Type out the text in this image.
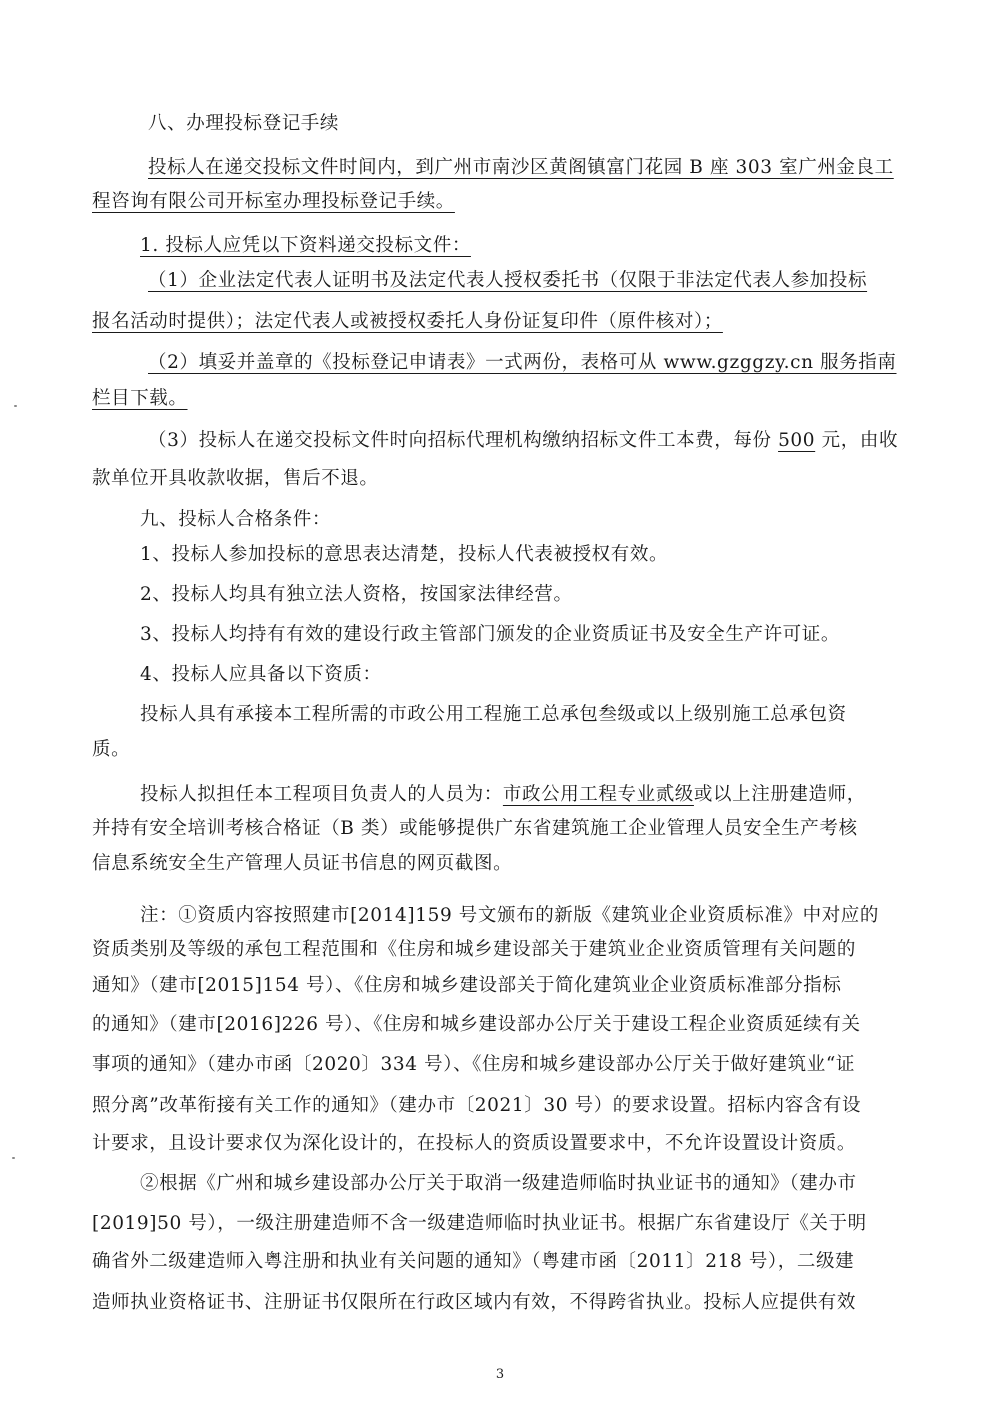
八、办理投标登记手续
投标人在递交投标文件时间内，到广州市南沙区黄阁镇富门花园 B 座 303 室广州金良工
程咨询有限公司开标室办理投标登记手续。
1. 投标人应凭以下资料递交投标文件：
（1）企业法定代表人证明书及法定代表人授权委托书（仅限于非法定代表人参加投标
报名活动时提供）；法定代表人或被授权委托人身份证复印件（原件核对）；
（2）填妥并盖章的《投标登记申请表》一式两份，表格可从 www.gzggzy.cn 服务指南
栏目下载。
（3）投标人在递交投标文件时向招标代理机构缴纳招标文件工本费，每份 500 元，由收
款单位开具收款收据，售后不退。
九、投标人合格条件：
1、投标人参加投标的意思表达清楚，投标人代表被授权有效。
2、投标人均具有独立法人资格，按国家法律经营。
3、投标人均持有有效的建设行政主管部门颁发的企业资质证书及安全生产许可证。
4、投标人应具备以下资质：
投标人具有承接本工程所需的市政公用工程施工总承包叁级或以上级别施工总承包资
质。
投标人拟担任本工程项目负责人的人员为：市政公用工程专业贰级或以上注册建造师，
并持有安全培训考核合格证（B 类）或能够提供广东省建筑施工企业管理人员安全生产考核
信息系统安全生产管理人员证书信息的网页截图。
注：①资质内容按照建市[2014]159 号文颁布的新版《建筑业企业资质标准》中对应的
资质类别及等级的承包工程范围和《住房和城乡建设部关于建筑业企业资质管理有关问题的
通知》（建市[2015]154 号）、《住房和城乡建设部关于简化建筑业企业资质标准部分指标
的通知》（建市[2016]226 号）、《住房和城乡建设部办公厅关于建设工程企业资质延续有关
事项的通知》（建办市函〔2020〕334 号）、《住房和城乡建设部办公厅关于做好建筑业“证
照分离”改革衔接有关工作的通知》（建办市〔2021〕30 号）的要求设置。招标内容含有设
计要求，且设计要求仅为深化设计的，在投标人的资质设置要求中，不允许设置设计资质。
②根据《广州和城乡建设部办公厅关于取消一级建造师临时执业证书的通知》（建办市
[2019]50 号），一级注册建造师不含一级建造师临时执业证书。根据广东省建设厅《关于明
确省外二级建造师入粤注册和执业有关问题的通知》（粤建市函〔2011〕218 号），二级建
造师执业资格证书、注册证书仅限所在行政区域内有效，不得跨省执业。投标人应提供有效
3
